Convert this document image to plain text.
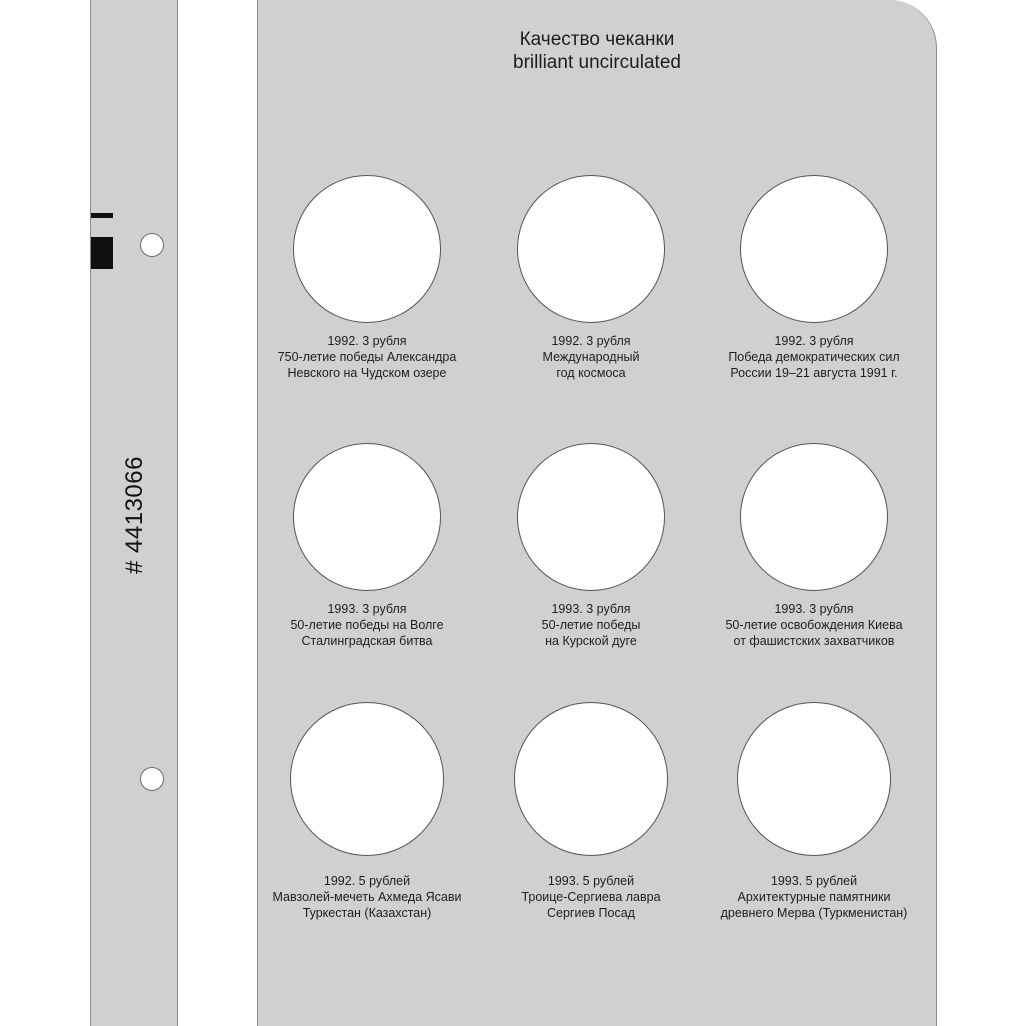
# 4413066
Качество чеканки
brilliant uncirculated
1992. 3 рубля
750-летие победы Александра
Невского на Чудском озере
1992. 3 рубля
Международный
год космоса
1992. 3 рубля
Победа демократических сил
России 19–21 августа 1991 г.
1993. 3 рубля
50-летие победы на Волге
Сталинградская битва
1993. 3 рубля
50-летие победы
на Курской дуге
1993. 3 рубля
50-летие освобождения Киева
от фашистских захватчиков
1992. 5 рублей
Мавзолей-мечеть Ахмеда Ясави
Туркестан (Казахстан)
1993. 5 рублей
Троице-Сергиева лавра
Сергиев Посад
1993. 5 рублей
Архитектурные памятники
древнего Мерва (Туркменистан)
